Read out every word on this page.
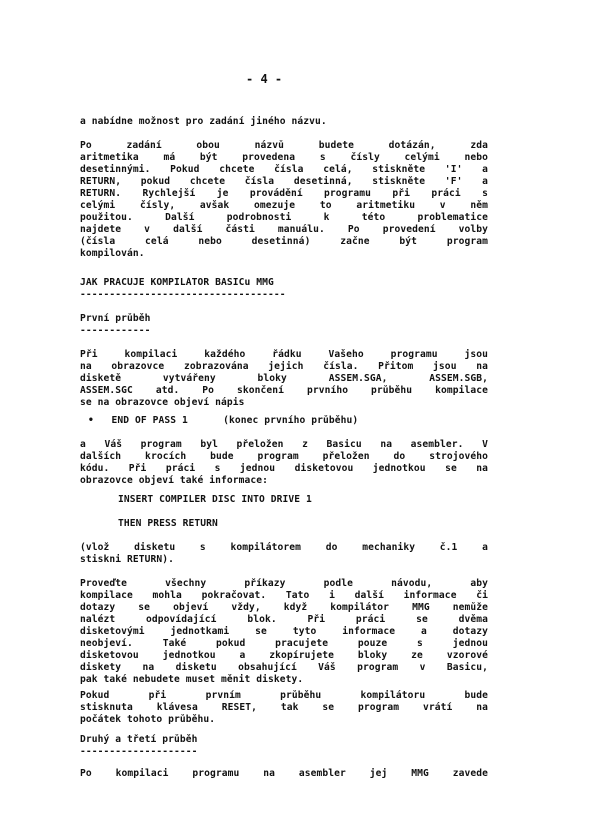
- 4 -
a nabídne možnost pro zadání jiného názvu.
Po zadání obou názvů budete dotázán, zda
aritmetika má být provedena s čísly celými nebo
desetinnými. Pokud chcete čísla celá, stiskněte 'I' a
RETURN, pokud chcete čísla desetinná, stiskněte 'F' a
RETURN. Rychlejší je provádění programu při práci s
celými čísly, avšak omezuje to aritmetiku v něm
použitou. Další podrobnosti k této problematice
najdete v další části manuálu. Po provedení volby
(čísla celá nebo desetinná) začne být program
kompilován.
JAK PRACUJE KOMPILÁTOR BASICu MMG
-----------------------------------
První průběh
------------
Při kompilaci každého řádku Vašeho programu jsou
na obrazovce zobrazována jejich čísla. Přitom jsou na
disketě vytvářeny bloky ASSEM.SGA, ASSEM.SGB,
ASSEM.SGC atd. Po skončení prvního průběhu kompilace
se na obrazovce objeví nápis
•   END OF PASS 1      (konec prvního průběhu)
a Váš program byl přeložen z Basicu na asembler. V
dalších krocích bude program přeložen do strojového
kódu. Při práci s jednou disketovou jednotkou se na
obrazovce objeví také informace:
INSERT COMPILER DISC INTO DRIVE 1
THEN PRESS RETURN
(vlož disketu s kompilátorem do mechaniky č.1 a
stiskni RETURN).
Proveďte všechny příkazy podle návodu, aby
kompilace mohla pokračovat. Tato i další informace či
dotazy se objeví vždy, když kompilátor MMG nemůže
nalézt odpovídající blok. Při práci se dvěma
disketovými jednotkami se tyto informace a dotazy
neobjeví. Také pokud pracujete pouze s jednou
disketovou jednotkou a zkopírujete bloky ze vzorové
diskety na disketu obsahující Váš program v Basicu,
pak také nebudete muset měnit diskety.
Pokud při prvním průběhu kompilátoru bude
stisknuta klávesa RESET, tak se program vrátí na
počátek tohoto průběhu.
Druhý a třetí průběh
--------------------
Po kompilaci programu na asembler jej MMG zavede
